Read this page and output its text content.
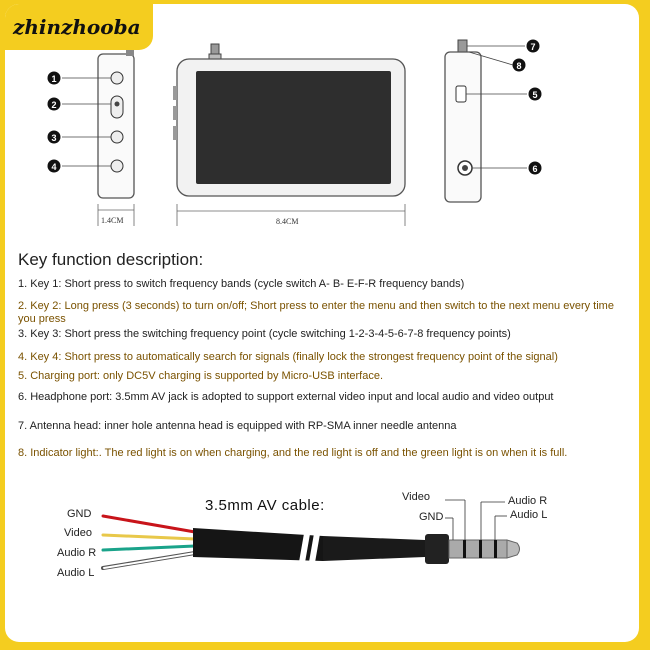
1
2
3
4
1.4CM	8.4CM
5
6
7
8
zhinzhooba
Key function description:
1. Key 1: Short press to switch frequency bands (cycle switch A- B- E-F-R frequency bands)
2. Key 2: Long press (3 seconds) to turn on/off; Short press to enter the menu and then switch to the next menu every time you press
3. Key 3: Short press the switching frequency point (cycle switching 1-2-3-4-5-6-7-8 frequency points)
4. Key 4: Short press to automatically search for signals (finally lock the strongest frequency point of the signal)
5. Charging port: only DC5V charging is supported by Micro-USB interface.
6. Headphone port: 3.5mm AV jack is adopted to support external video input and local audio and video output
7. Antenna head: inner hole antenna head is equipped with RP-SMA inner needle antenna
8. Indicator light:. The red light is on when charging, and the red light is off and the green light is on when it is full.
3.5mm AV cable:
GND
Video
Audio R
Audio L
Video
GND
Audio R
Audio L
